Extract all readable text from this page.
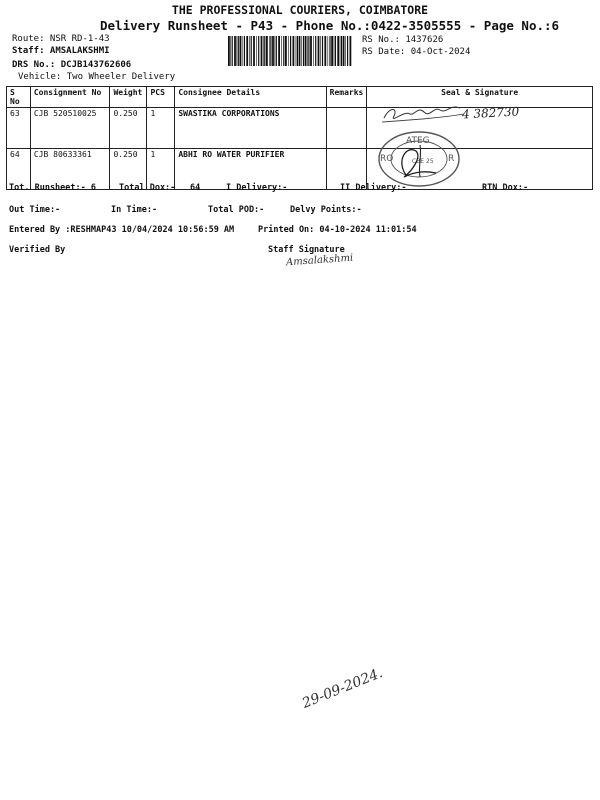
THE PROFESSIONAL COURIERS, COIMBATORE
Delivery Runsheet - P43 - Phone No.:0422-3505555 - Page No.:6
Route: NSR RD-1-43
Staff: AMSALAKSHMI
DRS No.: DCJB143762606
Vehicle: Two Wheeler Delivery
RS No.: 1437626
RS Date: 04-Oct-2024
S No	Consignment No	Weight	PCS	Consignee Details	Remarks	Seal & Signature
63	CJB 520510025	0.250	1	SWASTIKA CORPORATIONS		
64	CJB 80633361	0.250	1	ABHI RO WATER PURIFIER		
4 382730
ATEG
RO	R
CBE 25
Tot. Runsheet:- 6	Total Dox:- 64	I Delivery:-	II Delivery:-	RTN Dox:-
Out Time:-	In Time:-	Total POD:-	Delvy Points:-
Entered By :RESHMAP43 10/04/2024 10:56:59 AM	Printed On: 04-10-2024 11:01:54
Verified By	Staff Signature
Amsalakshmi
29-09-2024.
